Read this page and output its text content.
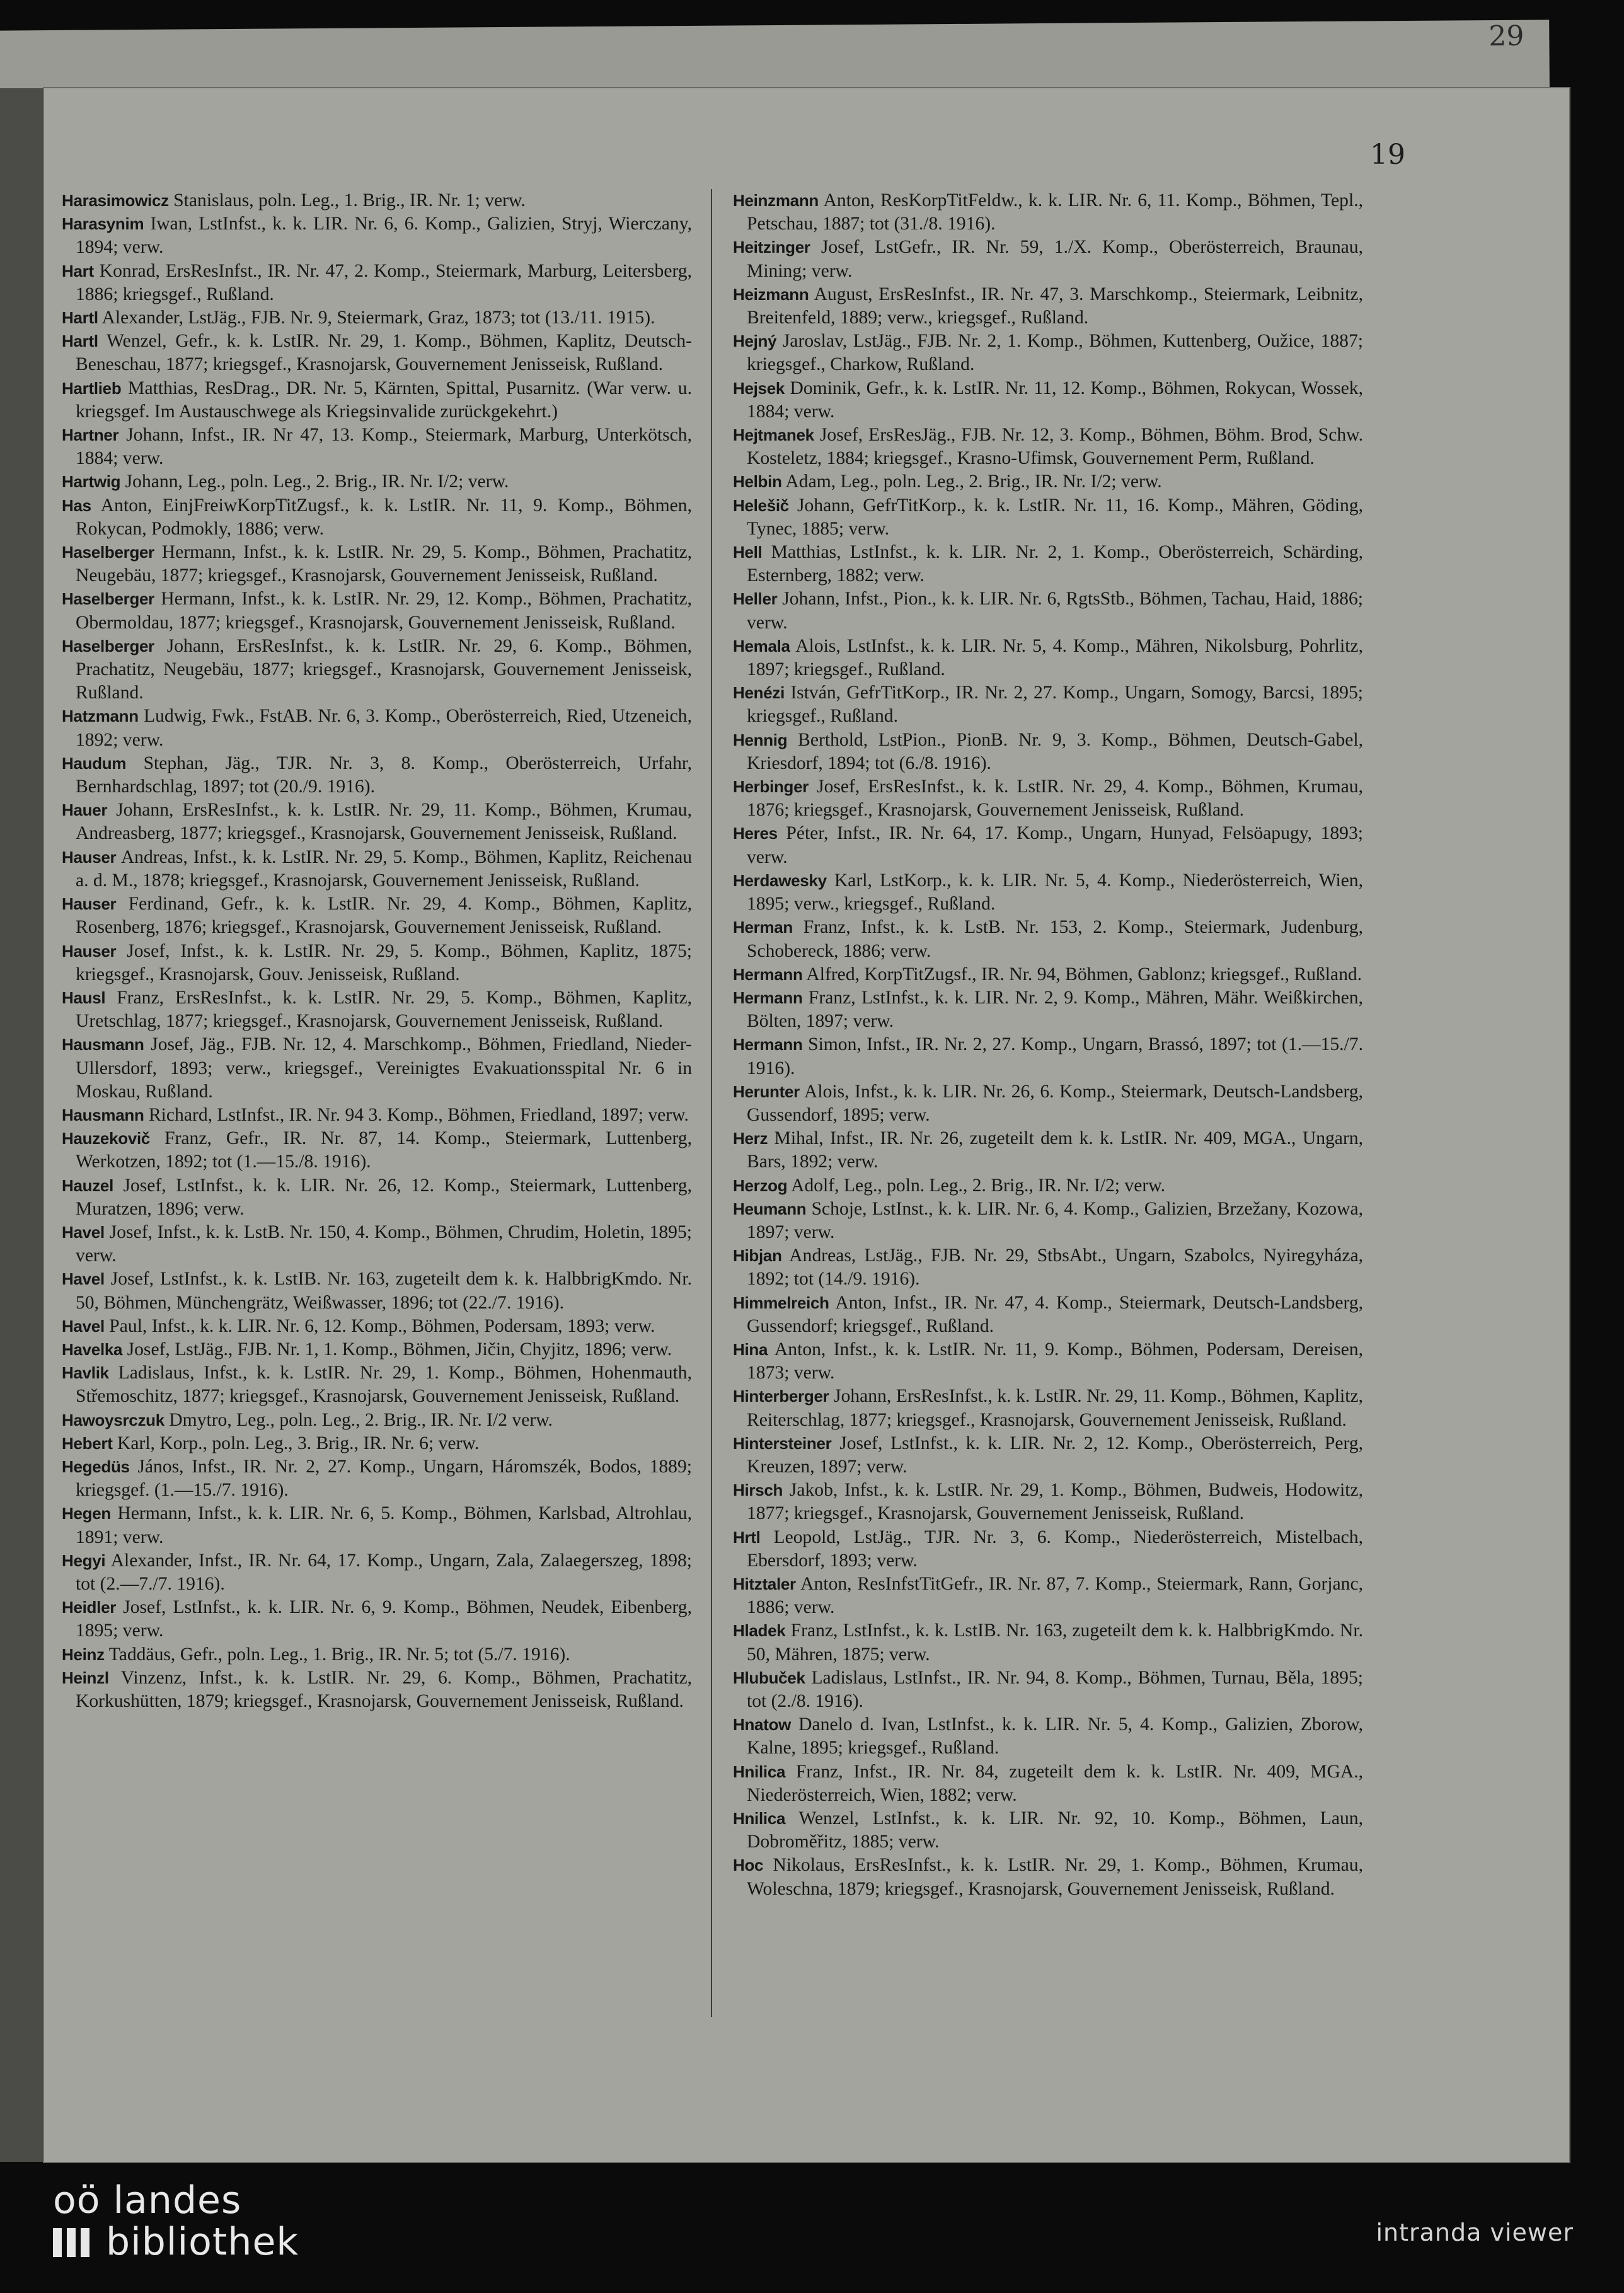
29
19
Harasimowicz Stanislaus, poln. Leg., 1. Brig., IR. Nr. 1; verw.
Harasynim Iwan, LstInfst., k. k. LIR. Nr. 6, 6. Komp., Galizien, Stryj, Wierczany, 1894; verw.
Hart Konrad, ErsResInfst., IR. Nr. 47, 2. Komp., Steiermark, Marburg, Leitersberg, 1886; kriegsgef., Rußland.
Hartl Alexander, LstJäg., FJB. Nr. 9, Steiermark, Graz, 1873; tot (13./11. 1915).
Hartl Wenzel, Gefr., k. k. LstIR. Nr. 29, 1. Komp., Böhmen, Kaplitz, Deutsch-Beneschau, 1877; kriegsgef., Krasnojarsk, Gouvernement Jenisseisk, Rußland.
Hartlieb Matthias, ResDrag., DR. Nr. 5, Kärnten, Spittal, Pusarnitz. (War verw. u. kriegsgef. Im Austauschwege als Kriegsinvalide zurückgekehrt.)
Hartner Johann, Infst., IR. Nr 47, 13. Komp., Steiermark, Marburg, Unterkötsch, 1884; verw.
Hartwig Johann, Leg., poln. Leg., 2. Brig., IR. Nr. I/2; verw.
Has Anton, EinjFreiwKorpTitZugsf., k. k. LstIR. Nr. 11, 9. Komp., Böhmen, Rokycan, Podmokly, 1886; verw.
Haselberger Hermann, Infst., k. k. LstIR. Nr. 29, 5. Komp., Böhmen, Prachatitz, Neugebäu, 1877; kriegsgef., Krasnojarsk, Gouvernement Jenisseisk, Rußland.
Haselberger Hermann, Infst., k. k. LstIR. Nr. 29, 12. Komp., Böhmen, Prachatitz, Obermoldau, 1877; kriegsgef., Krasnojarsk, Gouvernement Jenisseisk, Rußland.
Haselberger Johann, ErsResInfst., k. k. LstIR. Nr. 29, 6. Komp., Böhmen, Prachatitz, Neugebäu, 1877; kriegsgef., Krasnojarsk, Gouvernement Jenisseisk, Rußland.
Hatzmann Ludwig, Fwk., FstAB. Nr. 6, 3. Komp., Oberösterreich, Ried, Utzeneich, 1892; verw.
Haudum Stephan, Jäg., TJR. Nr. 3, 8. Komp., Oberösterreich, Urfahr, Bernhardschlag, 1897; tot (20./9. 1916).
Hauer Johann, ErsResInfst., k. k. LstIR. Nr. 29, 11. Komp., Böhmen, Krumau, Andreasberg, 1877; kriegsgef., Krasnojarsk, Gouvernement Jenisseisk, Rußland.
Hauser Andreas, Infst., k. k. LstIR. Nr. 29, 5. Komp., Böhmen, Kaplitz, Reichenau a. d. M., 1878; kriegsgef., Krasnojarsk, Gouvernement Jenisseisk, Rußland.
Hauser Ferdinand, Gefr., k. k. LstIR. Nr. 29, 4. Komp., Böhmen, Kaplitz, Rosenberg, 1876; kriegsgef., Krasnojarsk, Gouvernement Jenisseisk, Rußland.
Hauser Josef, Infst., k. k. LstIR. Nr. 29, 5. Komp., Böhmen, Kaplitz, 1875; kriegsgef., Krasnojarsk, Gouv. Jenisseisk, Rußland.
Hausl Franz, ErsResInfst., k. k. LstIR. Nr. 29, 5. Komp., Böhmen, Kaplitz, Uretschlag, 1877; kriegsgef., Krasnojarsk, Gouvernement Jenisseisk, Rußland.
Hausmann Josef, Jäg., FJB. Nr. 12, 4. Marschkomp., Böhmen, Friedland, Nieder-Ullersdorf, 1893; verw., kriegsgef., Vereinigtes Evakuationsspital Nr. 6 in Moskau, Rußland.
Hausmann Richard, LstInfst., IR. Nr. 94 3. Komp., Böhmen, Friedland, 1897; verw.
Hauzekovič Franz, Gefr., IR. Nr. 87, 14. Komp., Steiermark, Luttenberg, Werkotzen, 1892; tot (1.—15./8. 1916).
Hauzel Josef, LstInfst., k. k. LIR. Nr. 26, 12. Komp., Steiermark, Luttenberg, Muratzen, 1896; verw.
Havel Josef, Infst., k. k. LstB. Nr. 150, 4. Komp., Böhmen, Chrudim, Holetin, 1895; verw.
Havel Josef, LstInfst., k. k. LstIB. Nr. 163, zugeteilt dem k. k. HalbbrigKmdo. Nr. 50, Böhmen, Münchengrätz, Weißwasser, 1896; tot (22./7. 1916).
Havel Paul, Infst., k. k. LIR. Nr. 6, 12. Komp., Böhmen, Podersam, 1893; verw.
Havelka Josef, LstJäg., FJB. Nr. 1, 1. Komp., Böhmen, Jičin, Chyjitz, 1896; verw.
Havlik Ladislaus, Infst., k. k. LstIR. Nr. 29, 1. Komp., Böhmen, Hohenmauth, Střemoschitz, 1877; kriegsgef., Krasnojarsk, Gouvernement Jenisseisk, Rußland.
Hawoysrczuk Dmytro, Leg., poln. Leg., 2. Brig., IR. Nr. I/2 verw.
Hebert Karl, Korp., poln. Leg., 3. Brig., IR. Nr. 6; verw.
Hegedüs János, Infst., IR. Nr. 2, 27. Komp., Ungarn, Háromszék, Bodos, 1889; kriegsgef. (1.—15./7. 1916).
Hegen Hermann, Infst., k. k. LIR. Nr. 6, 5. Komp., Böhmen, Karlsbad, Altrohlau, 1891; verw.
Hegyi Alexander, Infst., IR. Nr. 64, 17. Komp., Ungarn, Zala, Zalaegerszeg, 1898; tot (2.—7./7. 1916).
Heidler Josef, LstInfst., k. k. LIR. Nr. 6, 9. Komp., Böhmen, Neudek, Eibenberg, 1895; verw.
Heinz Taddäus, Gefr., poln. Leg., 1. Brig., IR. Nr. 5; tot (5./7. 1916).
Heinzl Vinzenz, Infst., k. k. LstIR. Nr. 29, 6. Komp., Böhmen, Prachatitz, Korkushütten, 1879; kriegsgef., Krasnojarsk, Gouvernement Jenisseisk, Rußland.
Heinzmann Anton, ResKorpTitFeldw., k. k. LIR. Nr. 6, 11. Komp., Böhmen, Tepl., Petschau, 1887; tot (31./8. 1916).
Heitzinger Josef, LstGefr., IR. Nr. 59, 1./X. Komp., Oberösterreich, Braunau, Mining; verw.
Heizmann August, ErsResInfst., IR. Nr. 47, 3. Marschkomp., Steiermark, Leibnitz, Breitenfeld, 1889; verw., kriegsgef., Rußland.
Hejný Jaroslav, LstJäg., FJB. Nr. 2, 1. Komp., Böhmen, Kuttenberg, Oužice, 1887; kriegsgef., Charkow, Rußland.
Hejsek Dominik, Gefr., k. k. LstIR. Nr. 11, 12. Komp., Böhmen, Rokycan, Wossek, 1884; verw.
Hejtmanek Josef, ErsResJäg., FJB. Nr. 12, 3. Komp., Böhmen, Böhm. Brod, Schw. Kosteletz, 1884; kriegsgef., Krasno-Ufimsk, Gouvernement Perm, Rußland.
Helbin Adam, Leg., poln. Leg., 2. Brig., IR. Nr. I/2; verw.
Helešič Johann, GefrTitKorp., k. k. LstIR. Nr. 11, 16. Komp., Mähren, Göding, Tynec, 1885; verw.
Hell Matthias, LstInfst., k. k. LIR. Nr. 2, 1. Komp., Oberösterreich, Schärding, Esternberg, 1882; verw.
Heller Johann, Infst., Pion., k. k. LIR. Nr. 6, RgtsStb., Böhmen, Tachau, Haid, 1886; verw.
Hemala Alois, LstInfst., k. k. LIR. Nr. 5, 4. Komp., Mähren, Nikolsburg, Pohrlitz, 1897; kriegsgef., Rußland.
Henézi István, GefrTitKorp., IR. Nr. 2, 27. Komp., Ungarn, Somogy, Barcsi, 1895; kriegsgef., Rußland.
Hennig Berthold, LstPion., PionB. Nr. 9, 3. Komp., Böhmen, Deutsch-Gabel, Kriesdorf, 1894; tot (6./8. 1916).
Herbinger Josef, ErsResInfst., k. k. LstIR. Nr. 29, 4. Komp., Böhmen, Krumau, 1876; kriegsgef., Krasnojarsk, Gouvernement Jenisseisk, Rußland.
Heres Péter, Infst., IR. Nr. 64, 17. Komp., Ungarn, Hunyad, Felsöapugy, 1893; verw.
Herdawesky Karl, LstKorp., k. k. LIR. Nr. 5, 4. Komp., Niederösterreich, Wien, 1895; verw., kriegsgef., Rußland.
Herman Franz, Infst., k. k. LstB. Nr. 153, 2. Komp., Steiermark, Judenburg, Schobereck, 1886; verw.
Hermann Alfred, KorpTitZugsf., IR. Nr. 94, Böhmen, Gablonz; kriegsgef., Rußland.
Hermann Franz, LstInfst., k. k. LIR. Nr. 2, 9. Komp., Mähren, Mähr. Weißkirchen, Bölten, 1897; verw.
Hermann Simon, Infst., IR. Nr. 2, 27. Komp., Ungarn, Brassó, 1897; tot (1.—15./7. 1916).
Herunter Alois, Infst., k. k. LIR. Nr. 26, 6. Komp., Steiermark, Deutsch-Landsberg, Gussendorf, 1895; verw.
Herz Mihal, Infst., IR. Nr. 26, zugeteilt dem k. k. LstIR. Nr. 409, MGA., Ungarn, Bars, 1892; verw.
Herzog Adolf, Leg., poln. Leg., 2. Brig., IR. Nr. I/2; verw.
Heumann Schoje, LstInst., k. k. LIR. Nr. 6, 4. Komp., Galizien, Brzežany, Kozowa, 1897; verw.
Hibjan Andreas, LstJäg., FJB. Nr. 29, StbsAbt., Ungarn, Szabolcs, Nyiregyháza, 1892; tot (14./9. 1916).
Himmelreich Anton, Infst., IR. Nr. 47, 4. Komp., Steiermark, Deutsch-Landsberg, Gussendorf; kriegsgef., Rußland.
Hina Anton, Infst., k. k. LstIR. Nr. 11, 9. Komp., Böhmen, Podersam, Dereisen, 1873; verw.
Hinterberger Johann, ErsResInfst., k. k. LstIR. Nr. 29, 11. Komp., Böhmen, Kaplitz, Reiterschlag, 1877; kriegsgef., Krasnojarsk, Gouvernement Jenisseisk, Rußland.
Hintersteiner Josef, LstInfst., k. k. LIR. Nr. 2, 12. Komp., Oberösterreich, Perg, Kreuzen, 1897; verw.
Hirsch Jakob, Infst., k. k. LstIR. Nr. 29, 1. Komp., Böhmen, Budweis, Hodowitz, 1877; kriegsgef., Krasnojarsk, Gouvernement Jenisseisk, Rußland.
Hrtl Leopold, LstJäg., TJR. Nr. 3, 6. Komp., Niederösterreich, Mistelbach, Ebersdorf, 1893; verw.
Hitztaler Anton, ResInfstTitGefr., IR. Nr. 87, 7. Komp., Steiermark, Rann, Gorjanc, 1886; verw.
Hladek Franz, LstInfst., k. k. LstIB. Nr. 163, zugeteilt dem k. k. HalbbrigKmdo. Nr. 50, Mähren, 1875; verw.
Hlubuček Ladislaus, LstInfst., IR. Nr. 94, 8. Komp., Böhmen, Turnau, Běla, 1895; tot (2./8. 1916).
Hnatow Danelo d. Ivan, LstInfst., k. k. LIR. Nr. 5, 4. Komp., Galizien, Zborow, Kalne, 1895; kriegsgef., Rußland.
Hnilica Franz, Infst., IR. Nr. 84, zugeteilt dem k. k. LstIR. Nr. 409, MGA., Niederösterreich, Wien, 1882; verw.
Hnilica Wenzel, LstInfst., k. k. LIR. Nr. 92, 10. Komp., Böhmen, Laun, Dobroměřitz, 1885; verw.
Hoc Nikolaus, ErsResInfst., k. k. LstIR. Nr. 29, 1. Komp., Böhmen, Krumau, Woleschna, 1879; kriegsgef., Krasnojarsk, Gouvernement Jenisseisk, Rußland.
oö landes
bibliothek	intranda viewer
